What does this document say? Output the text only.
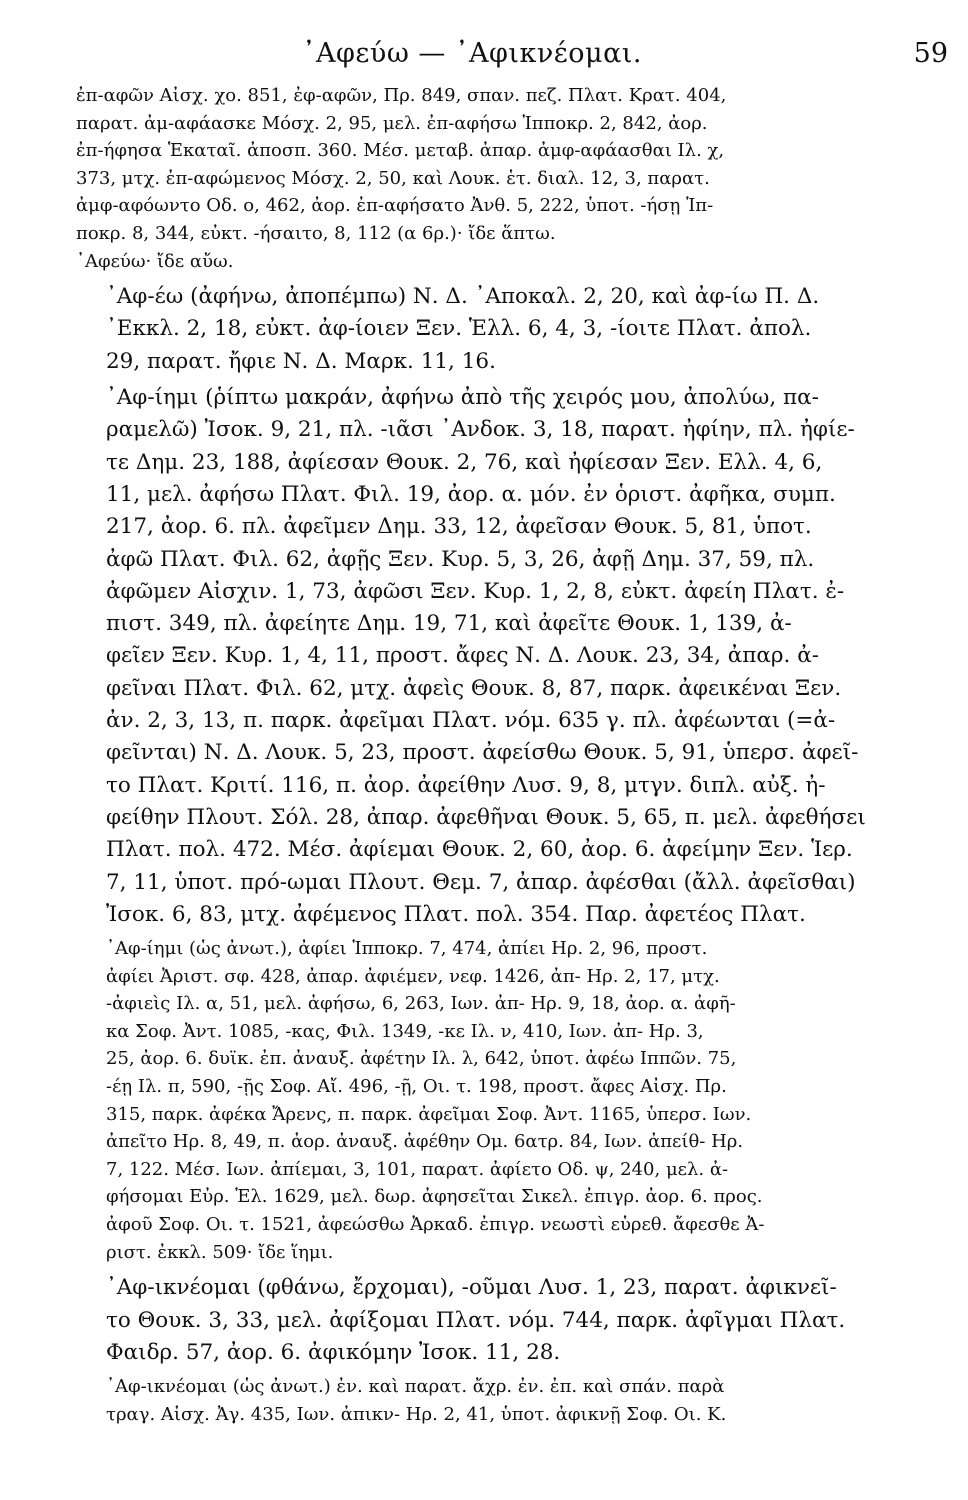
᾿Αφεύω — ᾿Αφικνέομαι.	59
ἐπ-αφῶν Αἰσχ. χο. 851, ἐφ-αφῶν, Πρ. 849, σπαν. πεζ. Πλατ. Κρατ. 404,
παρατ. ἀμ-αφάασκε Μόσχ. 2, 95, μελ. ἐπ-αφήσω Ἱπποκρ. 2, 842, ἀορ.
ἐπ-ήφησα Ἑκαταῖ. ἀποσπ. 360. Μέσ. μεταβ. ἀπαρ. ἀμφ-αφάασθαι Ιλ. χ,
373, μτχ. ἐπ-αφώμενος Μόσχ. 2, 50, καὶ Λουκ. ἑτ. διαλ. 12, 3, παρατ.
ἀμφ-αφόωντο Οδ. ο, 462, ἀορ. ἐπ-αφήσατο Ἀνθ. 5, 222, ὑποτ. -ήσῃ Ἱπ-
ποκρ. 8, 344, εὐκτ. -ήσαιτο, 8, 112 (α 6ρ.)· ἴδε ἅπτω.
᾿Αφεύω· ἴδε αὔω.
᾿Αφ-έω (ἀφήνω, ἀποπέμπω) Ν. Δ. ᾿Αποκαλ. 2, 20, καὶ ἀφ-ίω Π. Δ.
᾿Εκκλ. 2, 18, εὐκτ. ἀφ-ίοιεν Ξεν. Ἑλλ. 6, 4, 3, -ίοιτε Πλατ. ἀπολ.
29, παρατ. ἤφιε Ν. Δ. Μαρκ. 11, 16.
᾿Αφ-ίημι (ῥίπτω μακράν, ἀφήνω ἀπὸ τῆς χειρός μου, ἀπολύω, πα-
ραμελῶ) Ἰσοκ. 9, 21, πλ. -ιᾶσι ᾿Ανδοκ. 3, 18, παρατ. ἠφίην, πλ. ἠφίε-
τε Δημ. 23, 188, ἀφίεσαν Θουκ. 2, 76, καὶ ἠφίεσαν Ξεν. Ελλ. 4, 6,
11, μελ. ἀφήσω Πλατ. Φιλ. 19, ἀορ. α. μόν. ἐν ὁριστ. ἀφῆκα, συμπ.
217, ἀορ. 6. πλ. ἀφεῖμεν Δημ. 33, 12, ἀφεῖσαν Θουκ. 5, 81, ὑποτ.
ἀφῶ Πλατ. Φιλ. 62, ἀφῇς Ξεν. Κυρ. 5, 3, 26, ἀφῇ Δημ. 37, 59, πλ.
ἀφῶμεν Αἰσχιν. 1, 73, ἀφῶσι Ξεν. Κυρ. 1, 2, 8, εὐκτ. ἀφείη Πλατ. ἐ-
πιστ. 349, πλ. ἀφείητε Δημ. 19, 71, καὶ ἀφεῖτε Θουκ. 1, 139, ἀ-
φεῖεν Ξεν. Κυρ. 1, 4, 11, προστ. ἄφες Ν. Δ. Λουκ. 23, 34, ἀπαρ. ἀ-
φεῖναι Πλατ. Φιλ. 62, μτχ. ἀφεὶς Θουκ. 8, 87, παρκ. ἀφεικέναι Ξεν.
ἀν. 2, 3, 13, π. παρκ. ἀφεῖμαι Πλατ. νόμ. 635 γ. πλ. ἀφέωνται (=ἀ-
φεῖνται) Ν. Δ. Λουκ. 5, 23, προστ. ἀφείσθω Θουκ. 5, 91, ὑπερσ. ἀφεῖ-
το Πλατ. Κριτί. 116, π. ἀορ. ἀφείθην Λυσ. 9, 8, μτγν. διπλ. αὐξ. ἠ-
φείθην Πλουτ. Σόλ. 28, ἀπαρ. ἀφεθῆναι Θουκ. 5, 65, π. μελ. ἀφεθήσει
Πλατ. πολ. 472. Μέσ. ἀφίεμαι Θουκ. 2, 60, ἀορ. 6. ἀφείμην Ξεν. Ἱερ.
7, 11, ὑποτ. πρό-ωμαι Πλουτ. Θεμ. 7, ἀπαρ. ἀφέσθαι (ἄλλ. ἀφεῖσθαι)
Ἰσοκ. 6, 83, μτχ. ἀφέμενος Πλατ. πολ. 354. Παρ. ἀφετέος Πλατ.
᾿Αφ-ίημι (ὡς ἀνωτ.), ἀφίει Ἱπποκρ. 7, 474, ἀπίει Ηρ. 2, 96, προστ.
ἀφίει Ἀριστ. σφ. 428, ἀπαρ. ἀφιέμεν, νεφ. 1426, ἀπ- Ηρ. 2, 17, μτχ.
-ἀφιεὶς Ιλ. α, 51, μελ. ἀφήσω, 6, 263, Ιων. ἀπ- Ηρ. 9, 18, ἀορ. α. ἀφῆ-
κα Σοφ. Ἀντ. 1085, -κας, Φιλ. 1349, -κε Ιλ. ν, 410, Ιων. ἀπ- Ηρ. 3,
25, ἀορ. 6. δυϊκ. ἐπ. ἀναυξ. ἀφέτην Ιλ. λ, 642, ὑποτ. ἀφέω Ιππῶν. 75,
-έῃ Ιλ. π, 590, -ῇς Σοφ. Αἴ. 496, -ῇ, Οι. τ. 198, προστ. ἄφες Αἰσχ. Πρ.
315, παρκ. ἀφέκα Ἄρενς, π. παρκ. ἀφεῖμαι Σοφ. Ἀντ. 1165, ὑπερσ. Ιων.
ἀπεῖτο Ηρ. 8, 49, π. ἀορ. ἀναυξ. ἀφέθην Ομ. 6ατρ. 84, Ιων. ἀπείθ- Ηρ.
7, 122. Μέσ. Ιων. ἀπίεμαι, 3, 101, παρατ. ἀφίετο Οδ. ψ, 240, μελ. ἀ-
φήσομαι Εὐρ. Ἑλ. 1629, μελ. δωρ. ἀφησεῖται Σικελ. ἐπιγρ. ἀορ. 6. προς.
ἀφοῦ Σοφ. Οι. τ. 1521, ἀφεώσθω Ἀρκαδ. ἐπιγρ. νεωστὶ εὑρεθ. ἄφεσθε Ἀ-
ριστ. ἐκκλ. 509· ἴδε ἵημι.
᾿Αφ-ικνέομαι (φθάνω, ἔρχομαι), -οῦμαι Λυσ. 1, 23, παρατ. ἀφικνεῖ-
το Θουκ. 3, 33, μελ. ἀφίξομαι Πλατ. νόμ. 744, παρκ. ἀφῖγμαι Πλατ.
Φαιδρ. 57, ἀορ. 6. ἀφικόμην Ἰσοκ. 11, 28.
᾿Αφ-ικνέομαι (ὡς ἀνωτ.) ἐν. καὶ παρατ. ἄχρ. ἐν. ἐπ. καὶ σπάν. παρὰ
τραγ. Αἰσχ. Ἀγ. 435, Ιων. ἀπικν- Ηρ. 2, 41, ὑποτ. ἀφικνῇ Σοφ. Οι. Κ.
